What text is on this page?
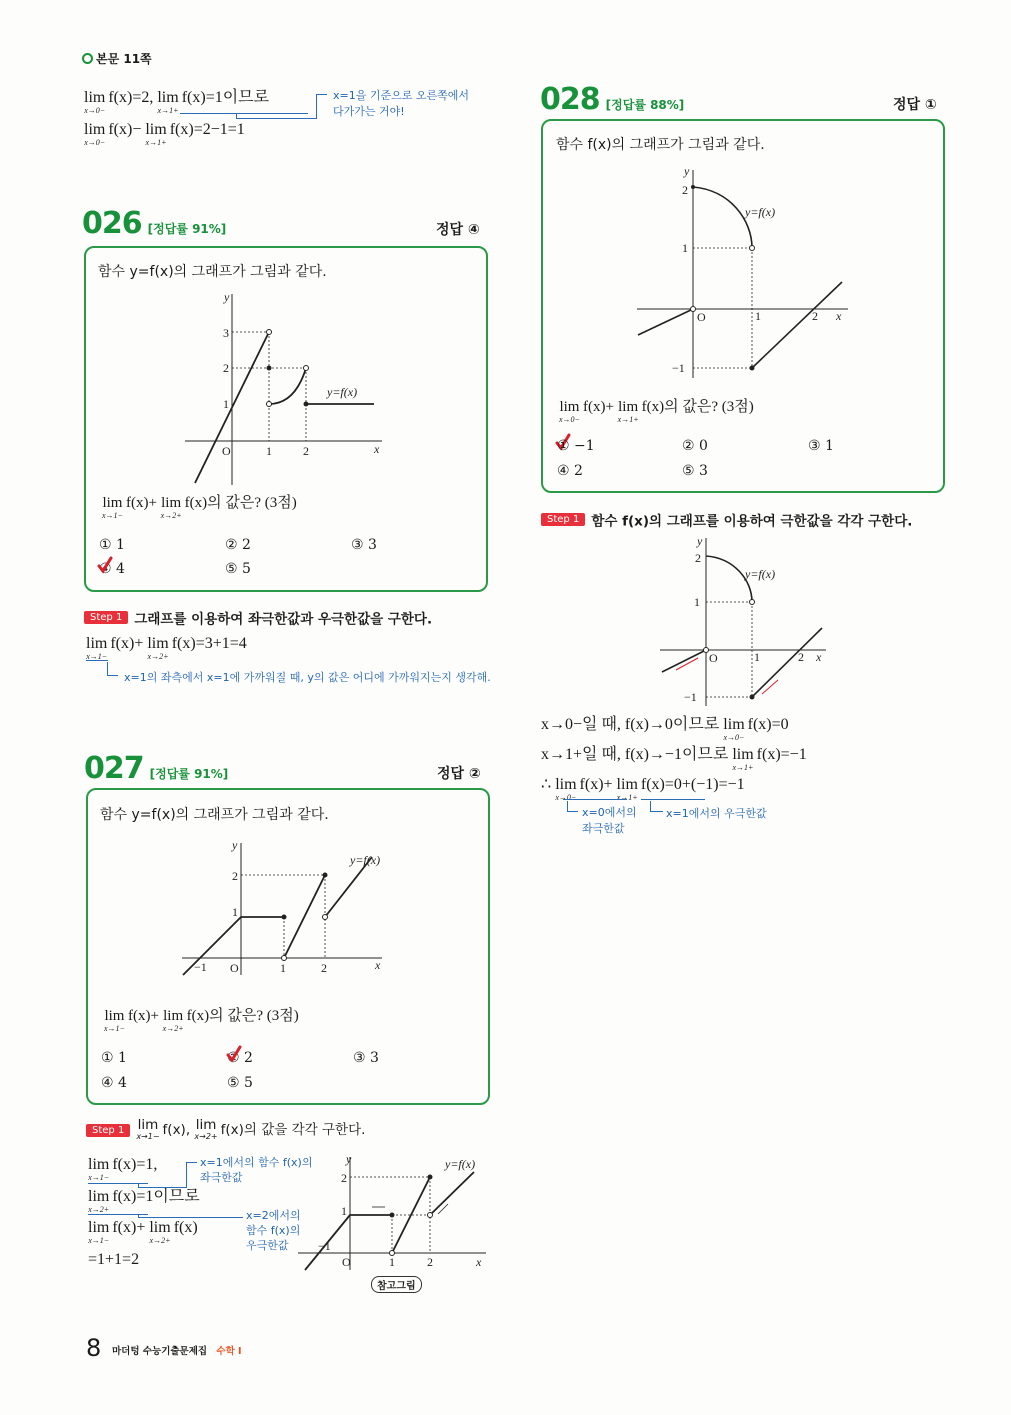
본문 11쪽
lim
x→0−
f(x)=2, lim
x→1+
f(x)=1이므로
lim
x→0−
f(x)− lim
x→1+
f(x)=2−1=1
x=1을 기준으로 오른쪽에서
다가가는 거야!
026 [정답률 91%]	정답 ④
함수 y=f(x)의 그래프가 그림과 같다.
y
3
2
1
O	1	2	x
y=f(x)
lim
x→1−
f(x)+ lim
x→2+
f(x)의 값은? (3점)
① 1	② 2	③ 3
④ 4	⑤ 5
Step 1 그래프를 이용하여 좌극한값과 우극한값을 구한다.
lim
x→1−
f(x)+ lim
x→2+
f(x)=3+1=4
x=1의 좌측에서 x=1에 가까워질 때, y의 값은 어디에 가까워지는지 생각해.
027 [정답률 91%]	정답 ②
함수 y=f(x)의 그래프가 그림과 같다.
y
2
1
−1 O	1	2	x
y=f(x)
lim
x→1−
f(x)+ lim
x→2+
f(x)의 값은? (3점)
① 1	② 2	③ 3
④ 4	⑤ 5
Step 1 lim
x→1− f(x), lim
x→2+ f(x)의 값을 각각 구한다.
lim
x→1−
f(x)=1,
lim
x→2+
f(x)=1이므로
lim
x→1−
f(x)+ lim
x→2+
f(x)
=1+1=2
x=1에서의 함수 f(x)의
좌극한값
x=2에서의
함수 f(x)의
우극한값
y
2
1
−1
O	1	2	x
y=f(x)
참고그림
028 [정답률 88%]	정답 ①
함수 f(x)의 그래프가 그림과 같다.
y
2
1
O	1	2 x
−1
y=f(x)
lim
x→0−
f(x)+ lim
x→1+
f(x)의 값은? (3점)
① −1	② 0	③ 1
④ 2	⑤ 3
Step 1 함수 f(x)의 그래프를 이용하여 극한값을 각각 구한다.
y
2
1
O	1	2 x
−1
y=f(x)
x→0−일 때, f(x)→0이므로 lim
x→0−
f(x)=0
x→1+일 때, f(x)→−1이므로 lim
x→1+
f(x)=−1
∴ lim
x→0−
f(x)+ lim
x→1+
f(x)=0+(−1)=−1
x=0에서의
좌극한값
x=1에서의 우극한값
8 마더텅 수능기출문제집 수학 I
